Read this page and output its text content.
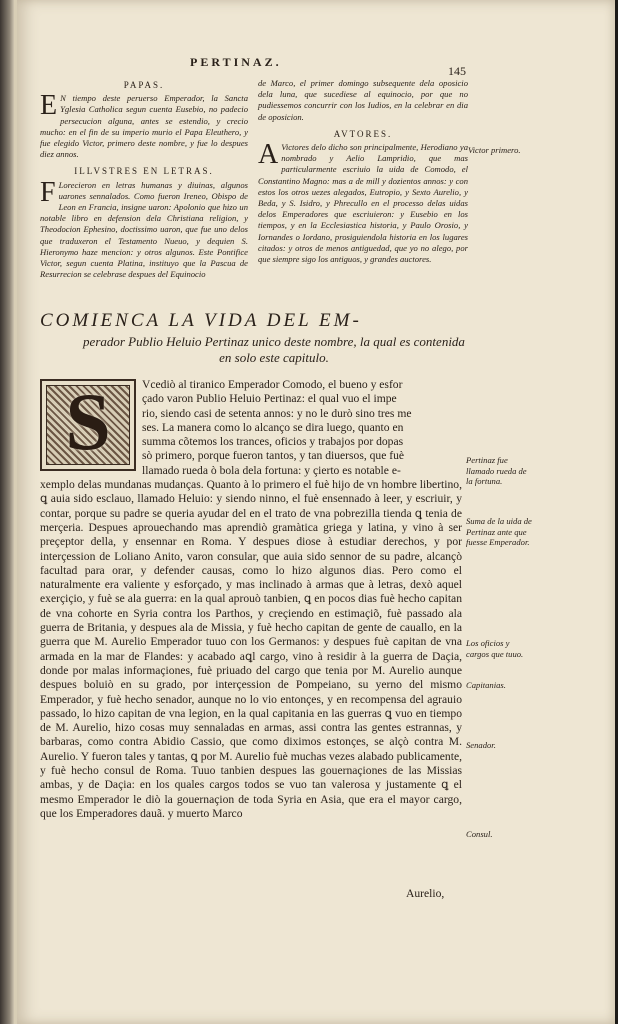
PERTINAZ.
145
PAPAS.
E N tiempo deste peruerso Emperador, la Sancta Yglesia Catholica segun cuenta Eusebio, no padecio persecucion alguna, antes se estendio, y crecio mucho: en el fin de su imperio murio el Papa Eleuthero, y fue elegido Victor, primero deste nombre, y fue lo despues diez annos.
ILLVSTRES EN LETRAS.
F Lorecieron en letras humanas y diuinas, algunos uarones sennalados. Como fueron Ireneo, Obispo de Leon en Francia, insigne uaron: Apolonio que hizo un notable libro en defension dela Christiana religion, y Theodocion Ephesino, doctissimo uaron, que fue uno delos que traduxeron el Testamento Nueuo, y dequien S. Hieronymo haze mencion: y otros algunos. Este Pontifice Victor, segun cuenta Platina, instituyo que la Pascua de Resurrecion se celebrase despues del Equinocio
de Marco, el primer domingo subsequente dela oposicio dela luna, que sucediese al equinocio, por que no pudiessemos concurrir con los Iudios, en la celebrar en dia de oposicion.
AVTORES.
A Victores delo dicho son principalmente, Herodiano ya nombrado y Aelio Lampridio, que mas particularmente escriuio la uida de Comodo, el Constantino Magno: mas a de mill y dozientos annos: y con estos los otros uezes alegados, Eutropio, y Sexto Aurelio, y Beda, y S. Isidro, y Phrecullo en el processo delas uidas delos Emperadores que escriuieron: y Eusebio en los tiempos, y en la Ecclesiastica historia, y Paulo Orosio, y Iornandes o Iordano, prosiguiendola historia en los lugares citados: y otros de menos antiguedad, que yo no alego, por que siempre sigo los antiguos, y grandes auctores.
Victor primero.
COMIENCA LA VIDA DEL EM-
perador Publio Heluio Pertinaz unico deste nombre, la qual es contenida en solo este capitulo.
S	Vcediò al tiranico Emperador Comodo, el bueno y esfor
çado varon Publio Heluio Pertinaz: el qual vuo el impe
rio, siendo casi de setenta annos: y no le durò sino tres me
ses. La manera como lo alcanço se dira luego, quanto en
summa cõtemos los trances, oficios y trabajos por dopas
sò primero, porque fueron tantos, y tan diuersos, que fuè
llamado rueda ò bola dela fortuna: y çierto es notable e-
xemplo delas mundanas mudanças. Quanto à lo primero el fuè hijo de vn hombre libertino, ꝗ auia sido esclauo, llamado Heluio: y siendo ninno, el fuè ensennado à leer, y escriuir, y contar, porque su padre se queria ayudar del en el trato de vna pobrezilla tienda ꝗ tenia de merçeria. Despues aprouechando mas aprendiò gramàtica griega y latina, y vino à ser preçeptor della, y ensennar en Roma. Y despues diose à estudiar derechos, y por interçession de Loliano Anito, varon consular, que auia sido sennor de su padre, alcançò facultad para orar, y defender causas, como lo hizo algunos dias. Pero como el naturalmente era valiente y esforçado, y mas inclinado à armas que à letras, dexò aquel exerçiçio, y fuè se ala guerra: en la qual aprouò tanbien, ꝗ en pocos dias fuè hecho capitan de vna cohorte en Syria contra los Parthos, y creçiendo en estimaçiõ, fuè passado ala guerra de Britania, y despues ala de Missia, y fuè hecho capitan de gente de cauallo, en la guerra que M. Aurelio Emperador tuuo con los Germanos: y despues fuè capitan de vna armada en la mar de Flandes: y acabado aꝗl cargo, vino à residir à la guerra de Daçia, donde por malas informaçiones, fuè priuado del cargo que tenia por M. Aurelio aunque despues boluiò en su grado, por interçession de Pompeiano, su yerno del mismo Emperador, y fuè hecho senador, aunque no lo vio entonçes, y en recompensa del agrauio passado, lo hizo capitan de vna legion, en la qual capitania en las guerras ꝗ vuo en tiempo de M. Aurelio, hizo cosas muy sennaladas en armas, assi contra las gentes estrannas, y barbaras, como contra Abidio Cassio, que como diximos estonçes, se alçò contra M. Aurelio. Y fueron tales y tantas, ꝗ por M. Aurelio fuè muchas vezes alabado publicamente, y fuè hecho consul de Roma. Tuuo tanbien despues las gouernaçiones de las Missias ambas, y de Daçia: en los quales cargos todos se vuo tan valerosa y justamente ꝗ el mesmo Emperador le diò la gouernaçion de toda Syria en Asia, que era el mayor cargo, que los Emperadores dauã. y muerto Marco
Aurelio,
Pertinaz fue llamado rueda de la fortuna.
Suma de la uida de Pertinaz ante que fuesse Emperador.
Los oficios y cargos que tuuo.
Capitanias.
Senador.
Consul.
